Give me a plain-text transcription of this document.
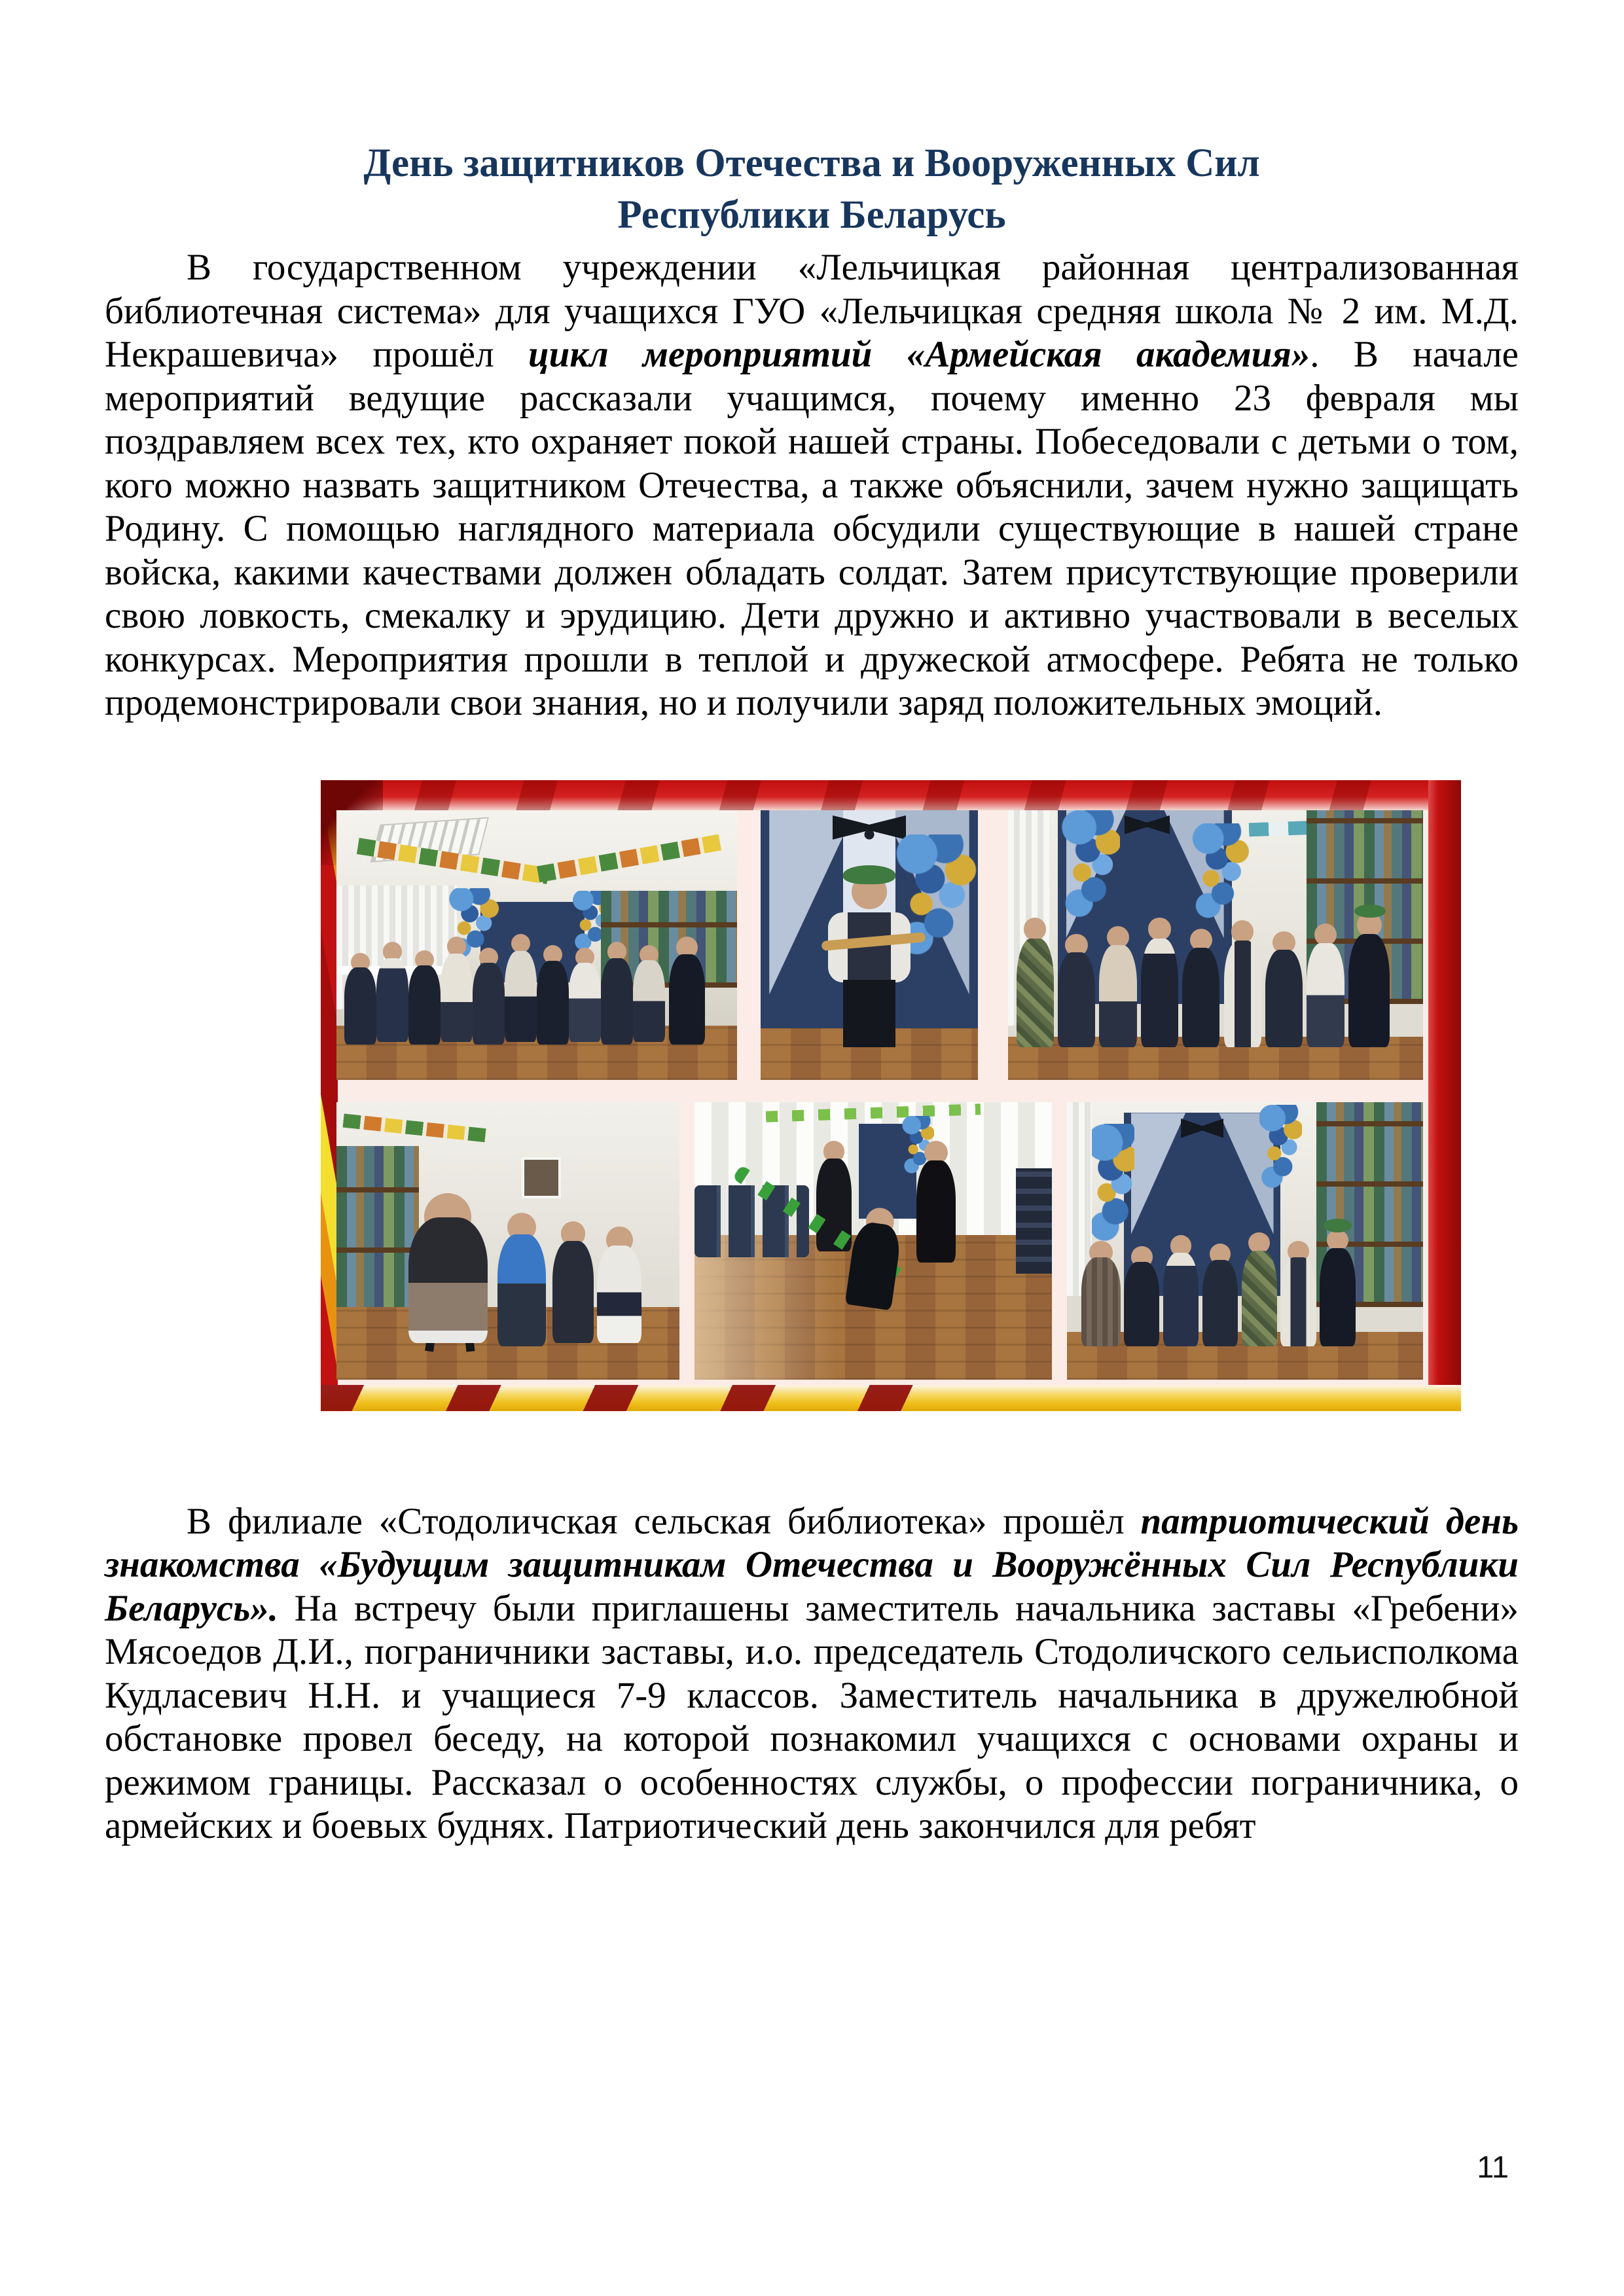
День защитников Отечества и Вооруженных Сил
Республики Беларусь

В государственном учреждении «Лельчицкая районная централизованная библиотечная система» для учащихся ГУО «Лельчицкая средняя школа № 2 им. М.Д. Некрашевича» прошёл цикл мероприятий «Армейская академия». В начале мероприятий ведущие рассказали учащимся, почему именно 23 февраля мы поздравляем всех тех, кто охраняет покой нашей страны. Побеседовали с детьми о том, кого можно назвать защитником Отечества, а также объяснили, зачем нужно защищать Родину. С помощью наглядного материала обсудили существующие в нашей стране войска, какими качествами должен обладать солдат. Затем присутствующие проверили свою ловкость, смекалку и эрудицию. Дети дружно и активно участвовали в веселых конкурсах. Мероприятия прошли в теплой и дружеской атмосфере. Ребята не только продемонстрировали свои знания, но и получили заряд положительных эмоций.

В филиале «Стодоличская сельская библиотека» прошёл патриотический день знакомства «Будущим защитникам Отечества и Вооружённых Сил Республики Беларусь». На встречу были приглашены заместитель начальника заставы «Гребени» Мясоедов Д.И., пограничники заставы, и.о. председатель Стодоличского сельисполкома Кудласевич Н.Н. и учащиеся 7-9 классов. Заместитель начальника в дружелюбной обстановке провел беседу, на которой познакомил учащихся с основами охраны и режимом границы. Рассказал о особенностях службы, о профессии пограничника, о армейских и боевых буднях. Патриотический день закончился для ребят

11
